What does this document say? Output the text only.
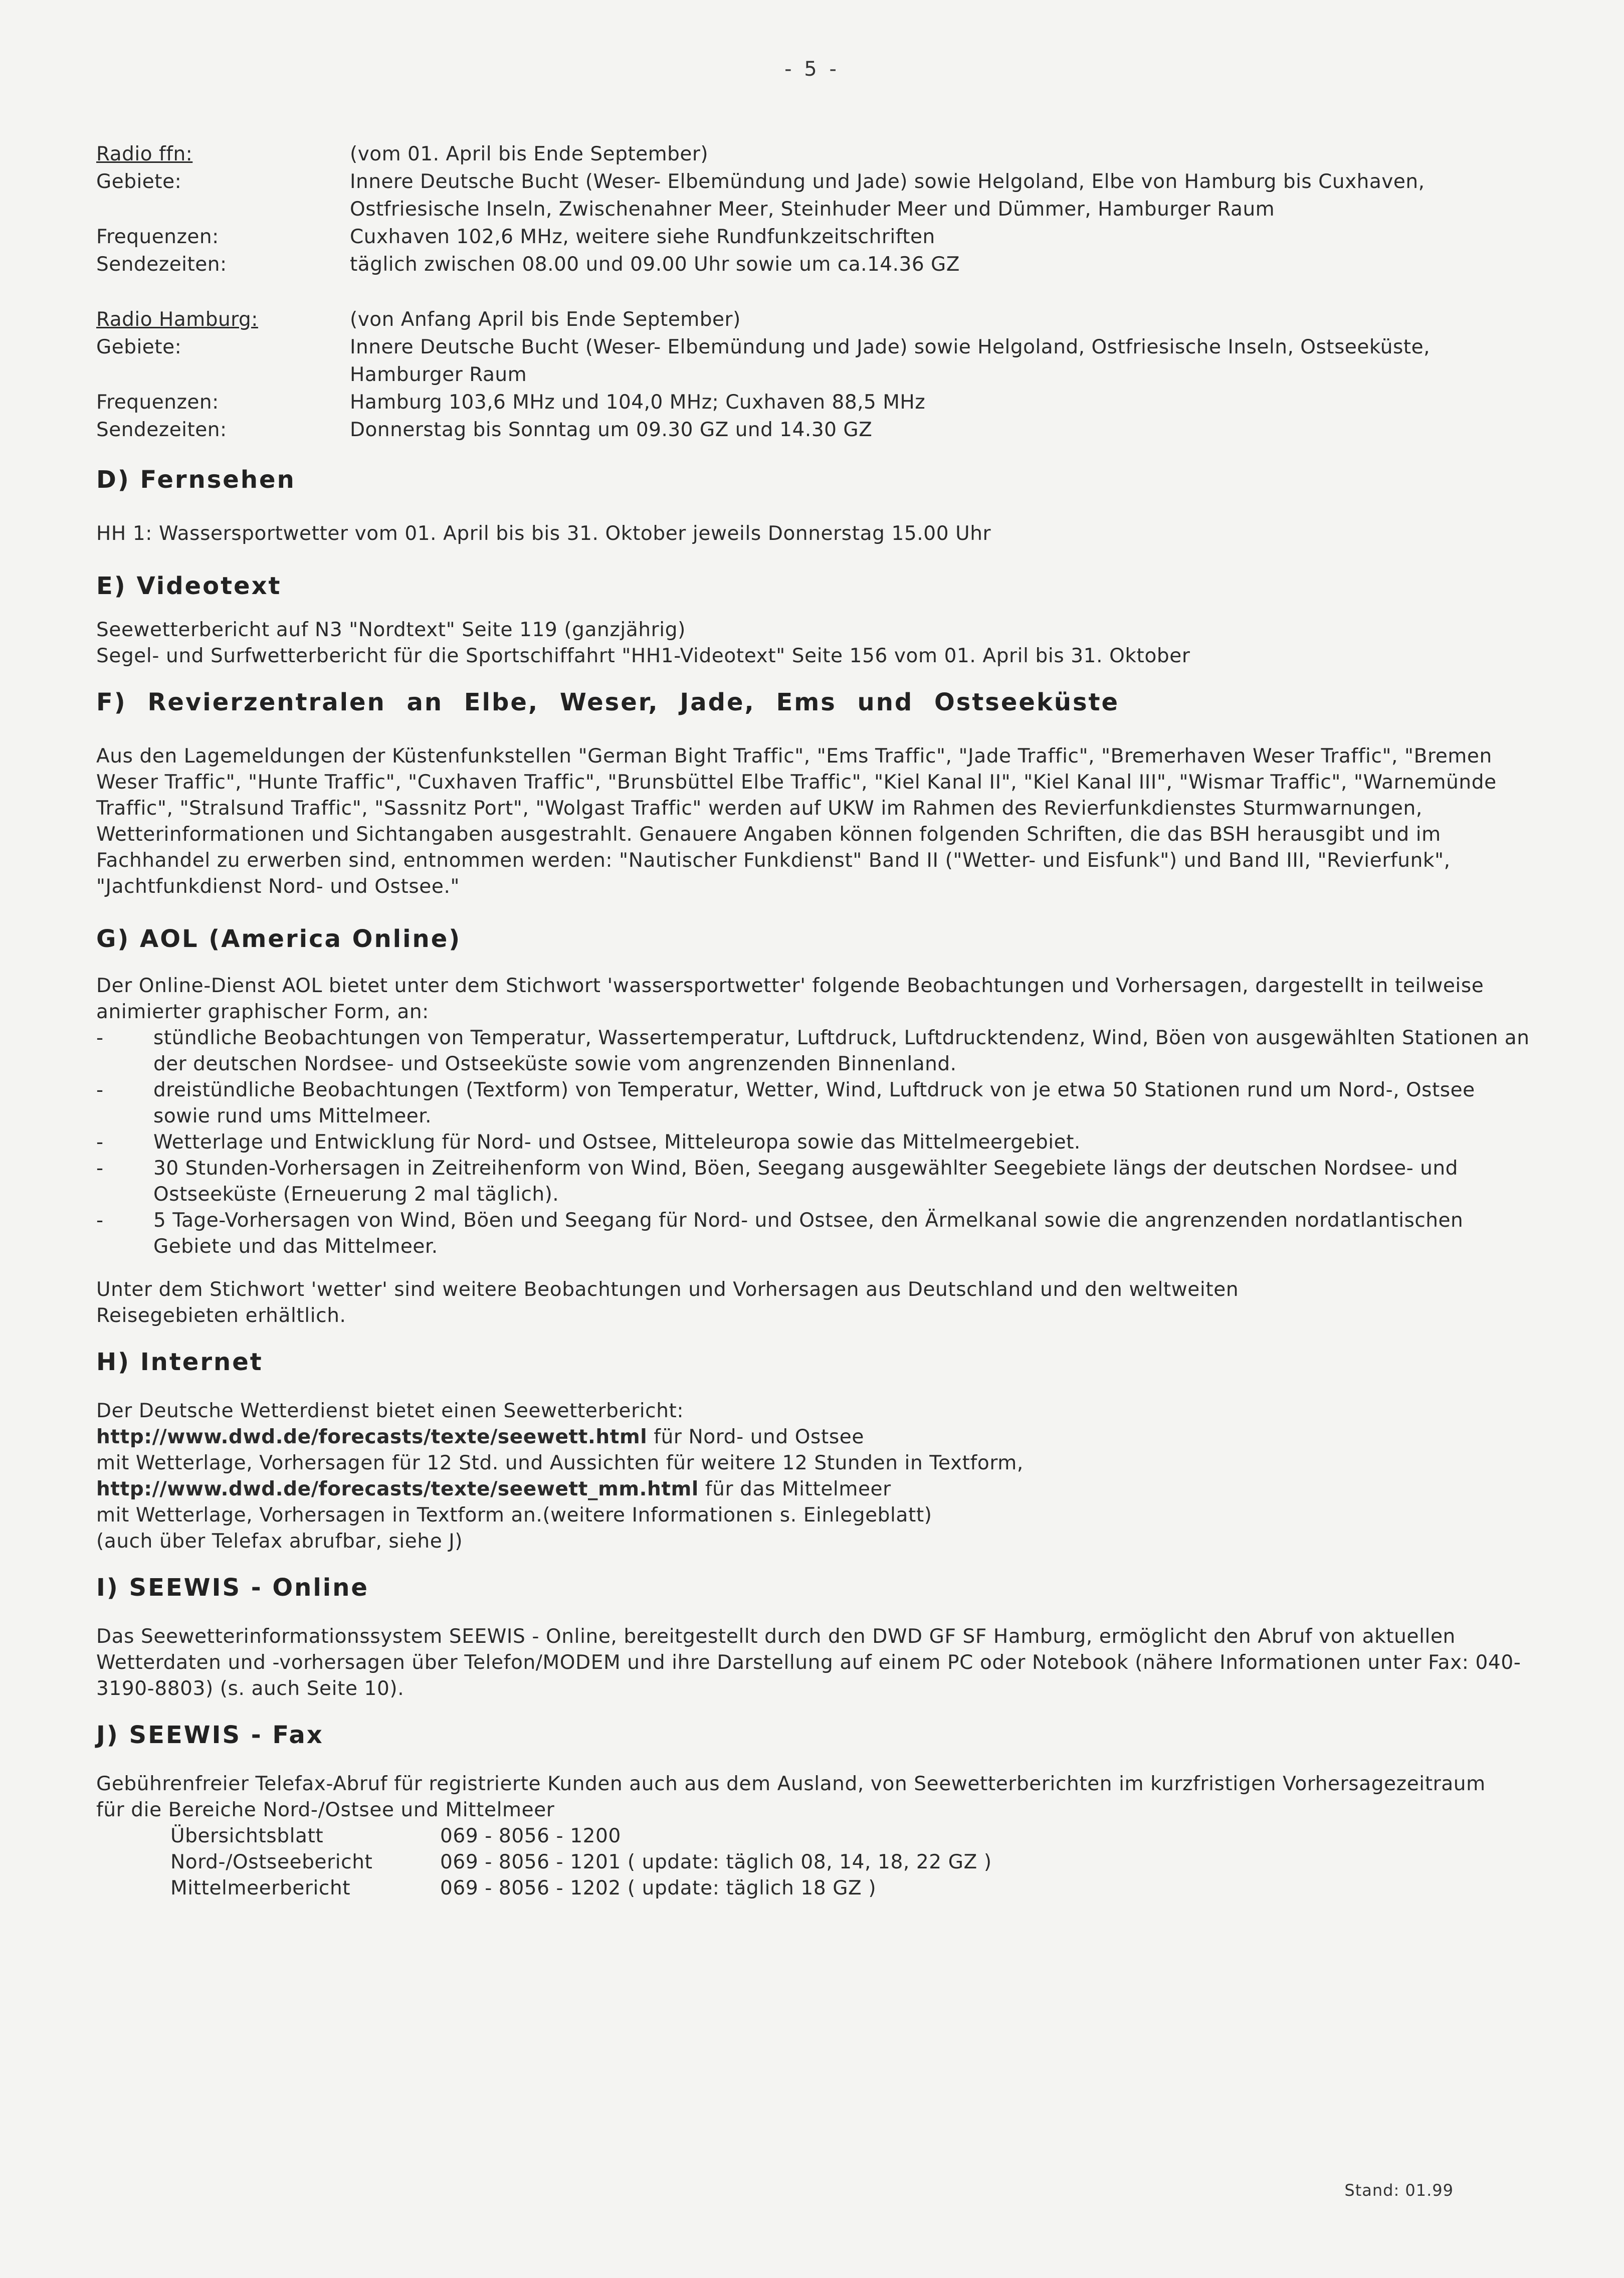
- 5 -
Radio ffn:	(vom 01. April bis Ende September)
Gebiete:	Innere Deutsche Bucht (Weser- Elbemündung und Jade) sowie Helgoland, Elbe von Hamburg bis Cuxhaven, Ostfriesische Inseln, Zwischenahner Meer, Steinhuder Meer und Dümmer, Hamburger Raum
Frequenzen:	Cuxhaven 102,6 MHz, weitere siehe Rundfunkzeitschriften
Sendezeiten:	täglich zwischen 08.00 und 09.00 Uhr sowie um ca.14.36 GZ
Radio Hamburg:	(von Anfang April bis Ende September)
Gebiete:	Innere Deutsche Bucht (Weser- Elbemündung und Jade) sowie Helgoland, Ostfriesische Inseln, Ostseeküste, Hamburger Raum
Frequenzen:	Hamburg 103,6 MHz und 104,0 MHz; Cuxhaven 88,5 MHz
Sendezeiten:	Donnerstag bis Sonntag um 09.30 GZ und 14.30 GZ
D) Fernsehen

HH 1: Wassersportwetter vom 01. April bis bis 31. Oktober jeweils Donnerstag 15.00 Uhr

E) Videotext

Seewetterbericht auf N3 "Nordtext" Seite 119 (ganzjährig)

Segel- und Surfwetterbericht für die Sportschiffahrt "HH1-Videotext" Seite 156 vom 01. April bis 31. Oktober

F) Revierzentralen an Elbe, Weser, Jade, Ems und Ostseeküste

Aus den Lagemeldungen der Küstenfunkstellen "German Bight Traffic", "Ems Traffic", "Jade Traffic", "Bremerhaven Weser Traffic", "Bremen Weser Traffic", "Hunte Traffic", "Cuxhaven Traffic", "Brunsbüttel Elbe Traffic", "Kiel Kanal II", "Kiel Kanal III", "Wismar Traffic", "Warnemünde Traffic", "Stralsund Traffic", "Sassnitz Port", "Wolgast Traffic" werden auf UKW im Rahmen des Revierfunkdienstes Sturmwarnungen, Wetterinformationen und Sichtangaben ausgestrahlt. Genauere Angaben können folgenden Schriften, die das BSH herausgibt und im Fachhandel zu erwerben sind, entnommen werden: "Nautischer Funkdienst" Band II ("Wetter- und Eisfunk") und Band III, "Revierfunk", "Jachtfunkdienst Nord- und Ostsee."

G) AOL (America Online)

Der Online-Dienst AOL bietet unter dem Stichwort 'wassersportwetter' folgende Beobachtungen und Vorhersagen, dargestellt in teilweise animierter graphischer Form, an:

-	stündliche Beobachtungen von Temperatur, Wassertemperatur, Luftdruck, Luftdrucktendenz, Wind, Böen von ausgewählten Stationen an der deutschen Nordsee- und Ostseeküste sowie vom angrenzenden Binnenland.
-	dreistündliche Beobachtungen (Textform) von Temperatur, Wetter, Wind, Luftdruck von je etwa 50 Stationen rund um Nord-, Ostsee sowie rund ums Mittelmeer.
-	Wetterlage und Entwicklung für Nord- und Ostsee, Mitteleuropa sowie das Mittelmeergebiet.
-	30 Stunden-Vorhersagen in Zeitreihenform von Wind, Böen, Seegang ausgewählter Seegebiete längs der deutschen Nordsee- und Ostseeküste (Erneuerung 2 mal täglich).
-	5 Tage-Vorhersagen von Wind, Böen und Seegang für Nord- und Ostsee, den Ärmelkanal sowie die angrenzenden nordatlantischen Gebiete und das Mittelmeer.

Unter dem Stichwort 'wetter' sind weitere Beobachtungen und Vorhersagen aus Deutschland und den weltweiten Reisegebieten erhältlich.

H) Internet

Der Deutsche Wetterdienst bietet einen Seewetterbericht:

http://www.dwd.de/forecasts/texte/seewett.html für Nord- und Ostsee

mit Wetterlage, Vorhersagen für 12 Std. und Aussichten für weitere 12 Stunden in Textform,

http://www.dwd.de/forecasts/texte/seewett_mm.html für das Mittelmeer

mit Wetterlage, Vorhersagen in Textform an.(weitere Informationen s. Einlegeblatt)

(auch über Telefax abrufbar, siehe J)

I) SEEWIS - Online

Das Seewetterinformationssystem SEEWIS - Online, bereitgestellt durch den DWD GF SF Hamburg, ermöglicht den Abruf von aktuellen Wetterdaten und -vorhersagen über Telefon/MODEM und ihre Darstellung auf einem PC oder Notebook (nähere Informationen unter Fax: 040-3190-8803) (s. auch Seite 10).

J) SEEWIS - Fax

Gebührenfreier Telefax-Abruf für registrierte Kunden auch aus dem Ausland, von Seewetterberichten im kurzfristigen Vorhersagezeitraum

für die Bereiche Nord-/Ostsee und Mittelmeer

Übersichtsblatt	069 - 8056 - 1200
Nord-/Ostseebericht	069 - 8056 - 1201 ( update: täglich 08, 14, 18, 22 GZ )
Mittelmeerbericht	069 - 8056 - 1202 ( update: täglich 18 GZ )
Stand: 01.99
